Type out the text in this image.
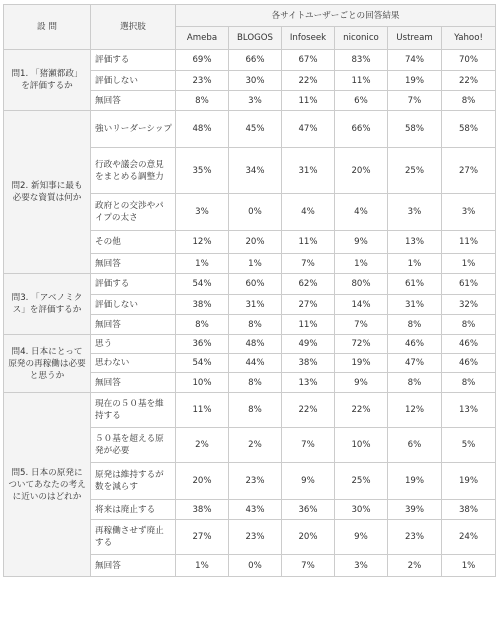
設 問	選択肢	各サイトユーザーごとの回答結果					
		Ameba	BLOGOS	Infoseek	niconico	Ustream	Yahoo!
問1. 「猪瀬都政」を評価するか	評価する	69%	66%	67%	83%	74%	70%
	評価しない	23%	30%	22%	11%	19%	22%
	無回答	8%	3%	11%	6%	7%	8%
問2. 新知事に最も必要な資質は何か	強いリーダーシップ	48%	45%	47%	66%	58%	58%
	行政や議会の意見をまとめる調整力	35%	34%	31%	20%	25%	27%
	政府との交渉やパイプの太さ	3%	0%	4%	4%	3%	3%
	その他	12%	20%	11%	9%	13%	11%
	無回答	1%	1%	7%	1%	1%	1%
問3. 「アベノミクス」を評価するか	評価する	54%	60%	62%	80%	61%	61%
	評価しない	38%	31%	27%	14%	31%	32%
	無回答	8%	8%	11%	7%	8%	8%
問4. 日本にとって原発の再稼働は必要と思うか	思う	36%	48%	49%	72%	46%	46%
	思わない	54%	44%	38%	19%	47%	46%
	無回答	10%	8%	13%	9%	8%	8%
問5. 日本の原発についてあなたの考えに近いのはどれか	現在の５０基を維持する	11%	8%	22%	22%	12%	13%
	５０基を超える原発が必要	2%	2%	7%	10%	6%	5%
	原発は維持するが数を減らす	20%	23%	9%	25%	19%	19%
	将来は廃止する	38%	43%	36%	30%	39%	38%
	再稼働させず廃止する	27%	23%	20%	9%	23%	24%
	無回答	1%	0%	7%	3%	2%	1%
